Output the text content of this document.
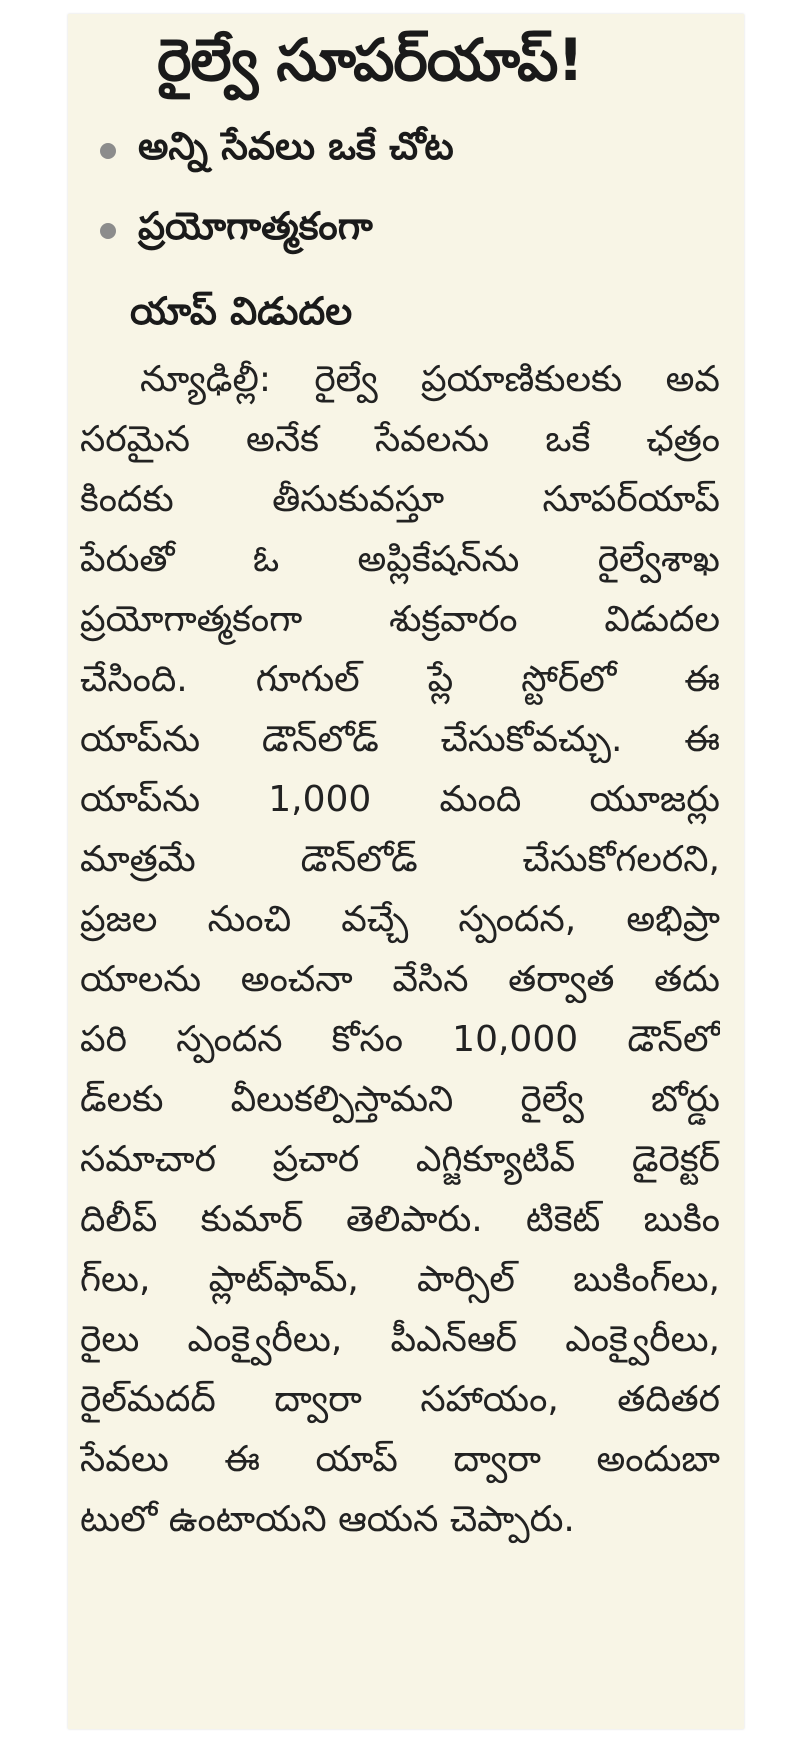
రైల్వే సూపర్‌యాప్‌!
అన్ని సేవలు ఒకే చోట
ప్రయోగాత్మకంగా
యాప్‌ విడుదల
న్యూఢిల్లీ: రైల్వే ప్రయాణికులకు అవ
సరమైన అనేక సేవలను ఒకే ఛత్రం
కిందకు తీసుకువస్తూ సూపర్‌యాప్‌
పేరుతో ఓ అప్లికేషన్‌ను రైల్వేశాఖ
ప్రయోగాత్మకంగా శుక్రవారం విడుదల
చేసింది. గూగుల్‌ ప్లే స్టోర్‌లో ఈ
యాప్‌ను డౌన్‌లోడ్‌ చేసుకోవచ్చు. ఈ
యాప్‌ను 1,000 మంది యూజర్లు
మాత్రమే డౌన్‌లోడ్‌ చేసుకోగలరని,
ప్రజల నుంచి వచ్చే స్పందన, అభిప్రా
యాలను అంచనా వేసిన తర్వాత తదు
పరి స్పందన కోసం 10,000 డౌన్‌లో
డ్‌లకు వీలుకల్పిస్తామని రైల్వే బోర్డు
సమాచార ప్రచార ఎగ్జిక్యూటివ్‌ డైరెక్టర్‌
దిలీప్‌ కుమార్‌ తెలిపారు. టికెట్‌ బుకిం
గ్‌లు, ప్లాట్‌ఫామ్‌, పార్సిల్‌ బుకింగ్‌లు,
రైలు ఎంక్వైరీలు, పీఎన్‌ఆర్‌ ఎంక్వైరీలు,
రైల్‌మదద్‌ ద్వారా సహాయం, తదితర
సేవలు ఈ యాప్‌ ద్వారా అందుబా
టులో ఉంటాయని ఆయన చెప్పారు.
